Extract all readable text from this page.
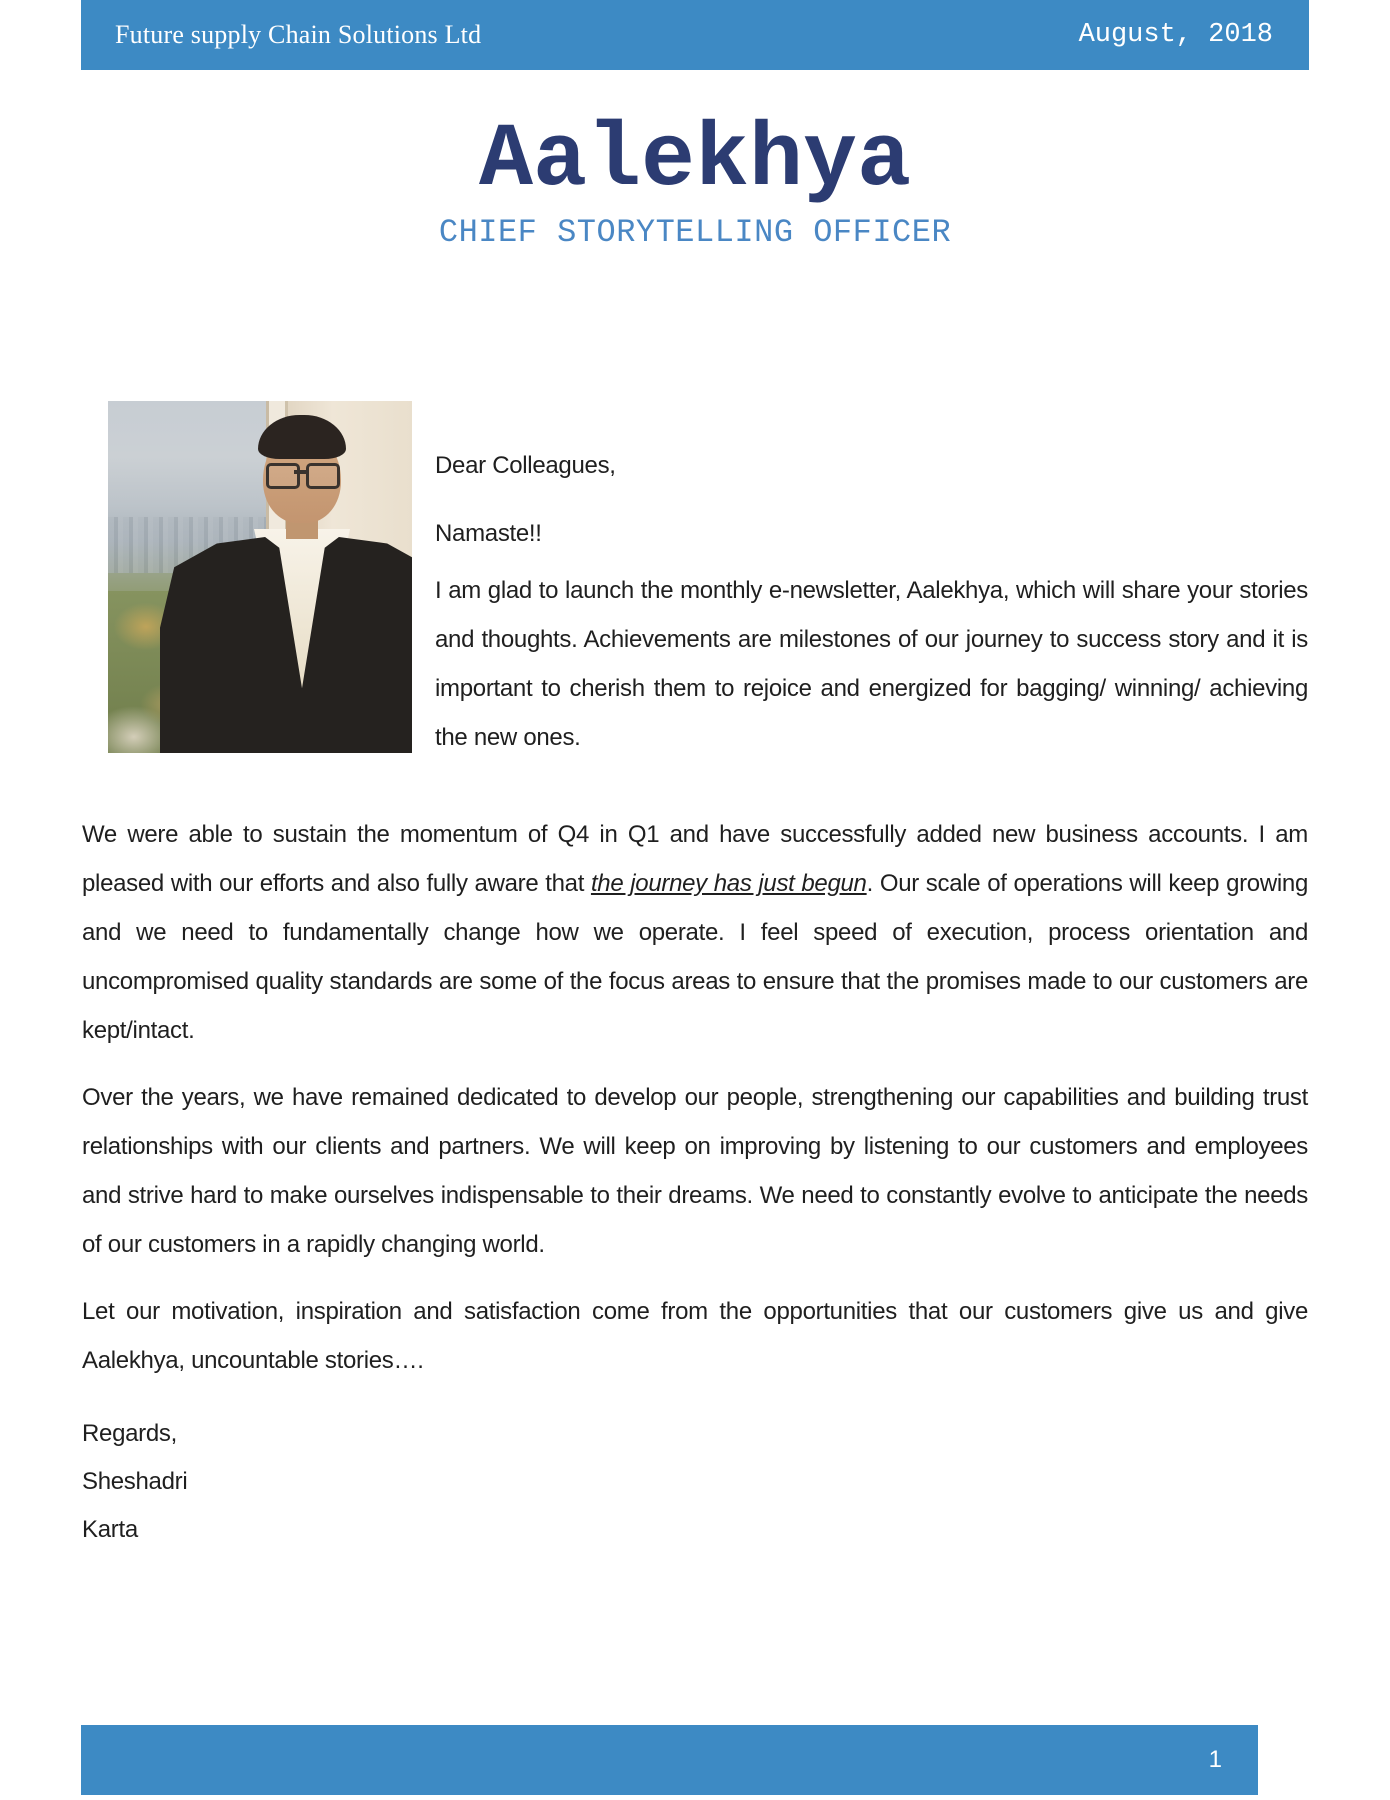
Future supply Chain Solutions Ltd	August, 2018
Aalekhya
CHIEF STORYTELLING OFFICER

Dear Colleagues,

Namaste!!

I am glad to launch the monthly e-newsletter, Aalekhya, which will share your stories and thoughts. Achievements are milestones of our journey to success story and it is important to cherish them to rejoice and energized for bagging/ winning/ achieving the new ones.

We were able to sustain the momentum of Q4 in Q1 and have successfully added new business accounts. I am pleased with our efforts and also fully aware that the journey has just begun. Our scale of operations will keep growing and we need to fundamentally change how we operate. I feel speed of execution, process orientation and uncompromised quality standards are some of the focus areas to ensure that the promises made to our customers are kept/intact.

Over the years, we have remained dedicated to develop our people, strengthening our capabilities and building trust relationships with our clients and partners. We will keep on improving by listening to our customers and employees and strive hard to make ourselves indispensable to their dreams. We need to constantly evolve to anticipate the needs of our customers in a rapidly changing world.

Let our motivation, inspiration and satisfaction come from the opportunities that our customers give us and give Aalekhya, uncountable stories….

Regards,
Sheshadri
Karta
1
